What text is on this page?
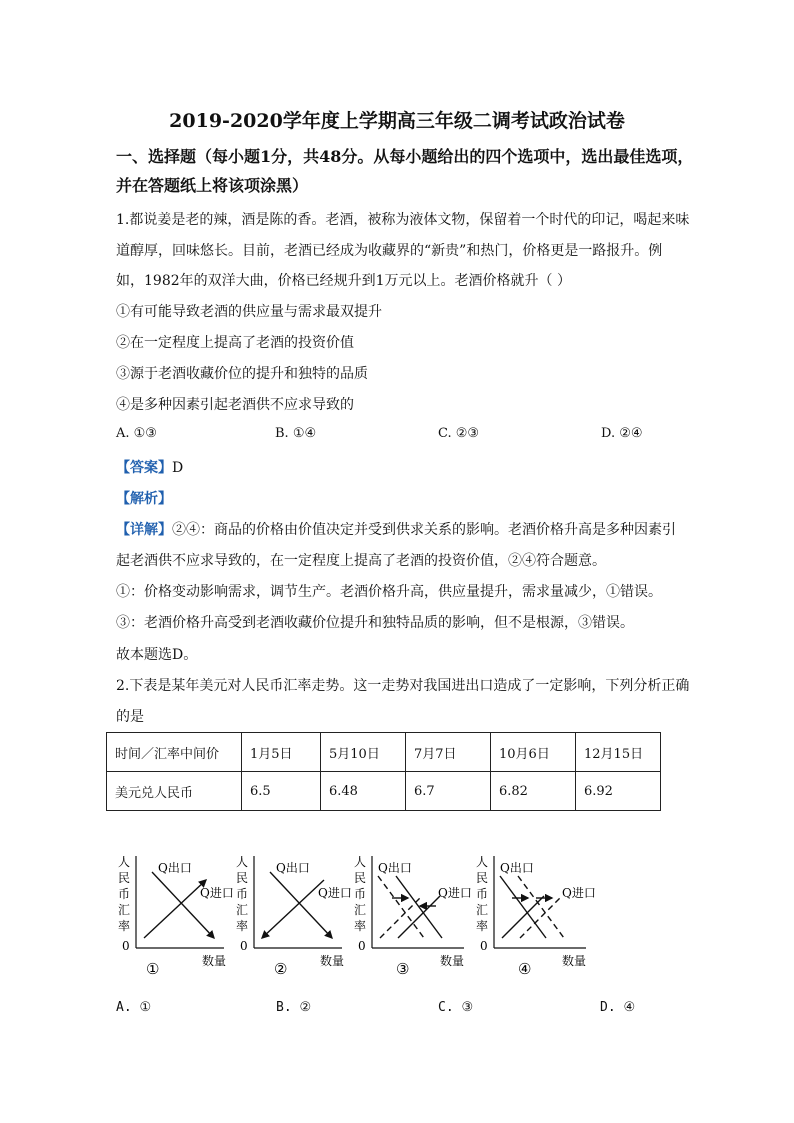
2019-2020学年度上学期高三年级二调考试政治试卷
一、选择题（每小题1分，共48分。从每小题给出的四个选项中，选出最佳选项，
并在答题纸上将该项涂黑）
1.都说姜是老的辣，酒是陈的香。老酒，被称为液体文物，保留着一个时代的印记，喝起来味
道醇厚，回味悠长。目前，老酒已经成为收藏界的“新贵”和热门，价格更是一路报升。例
如，1982年的双洋大曲，价格已经规升到1万元以上。老酒价格就升（ ）
①有可能导致老酒的供应量与需求最双提升
②在一定程度上提高了老酒的投资价值
③源于老酒收藏价位的提升和独特的品质
④是多种因素引起老酒供不应求导致的
A. ①③	B. ①④	C. ②③	D. ②④
【答案】D
【解析】
【详解】②④：商品的价格由价值决定并受到供求关系的影响。老酒价格升高是多种因素引
起老酒供不应求导致的，在一定程度上提高了老酒的投资价值，②④符合题意。
①：价格变动影响需求，调节生产。老酒价格升高，供应量提升，需求量减少，①错误。
③：老酒价格升高受到老酒收藏价位提升和独特品质的影响，但不是根源，③错误。
故本题选D。
2.下表是某年美元对人民币汇率走势。这一走势对我国进出口造成了一定影响，下列分析正确
的是
时间／汇率中间价	1月5日	5月10日	7月7日	10月6日	12月15日
美元兑人民币	6.5	6.48	6.7	6.82	6.92
人
民
币
汇
率
0
Q出口
Q进口
数量
①
人
民
币
汇
率
0
Q出口
Q进口
数量
②
人
民
币
汇
率
0
Q出口
Q进口
数量
③
人
民
币
汇
率
0
Q出口
Q进口
数量
④
A. ①	B. ②	C. ③	D. ④
